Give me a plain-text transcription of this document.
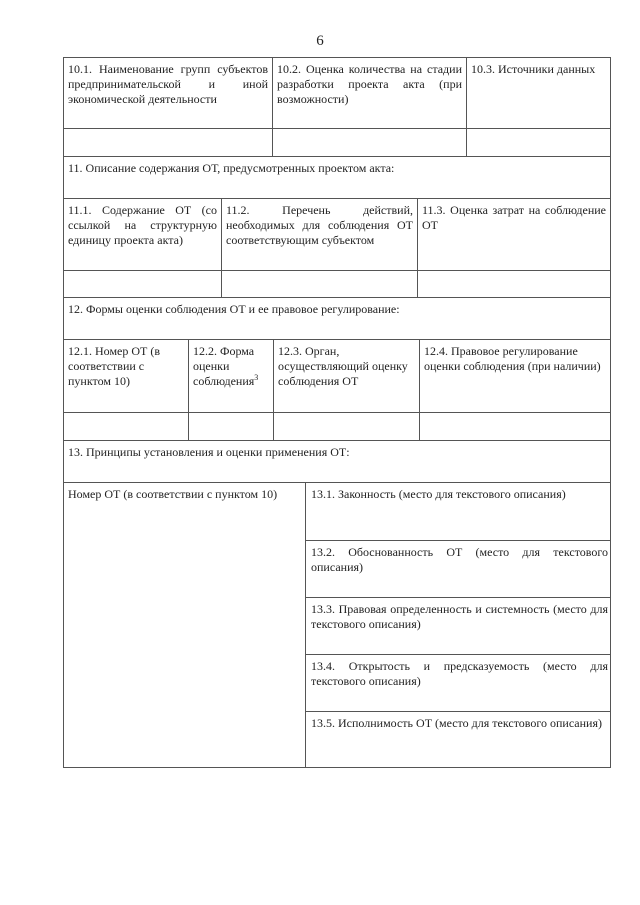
6
10.1. Наименование групп субъектов предпринимательской и иной экономической деятельности
10.2. Оценка количества на стадии разработки проекта акта (при возможности)
10.3. Источники данных
11. Описание содержания ОТ, предусмотренных проектом акта:
11.1. Содержание ОТ (со ссылкой на структурную единицу проекта акта)
11.2. Перечень действий, необходимых для соблюдения ОТ соответствующим субъектом
11.3. Оценка затрат на соблюдение ОТ
12. Формы оценки соблюдения ОТ и ее правовое регулирование:
12.1. Номер ОТ (в соответствии с пунктом 10)
12.2. Форма оценки соблюдения$^3$
12.3. Орган, осуществляющий оценку соблюдения ОТ
12.4. Правовое регулирование оценки соблюдения (при наличии)
13. Принципы установления и оценки применения ОТ:
Номер ОТ (в соответствии с пунктом 10)	13.1. Законность (место для текстового описания)
13.2. Обоснованность ОТ (место для текстового описания)
13.3. Правовая определенность и системность (место для текстового описания)
13.4. Открытость и предсказуемость (место для текстового описания)
13.5. Исполнимость ОТ (место для текстового описания)
